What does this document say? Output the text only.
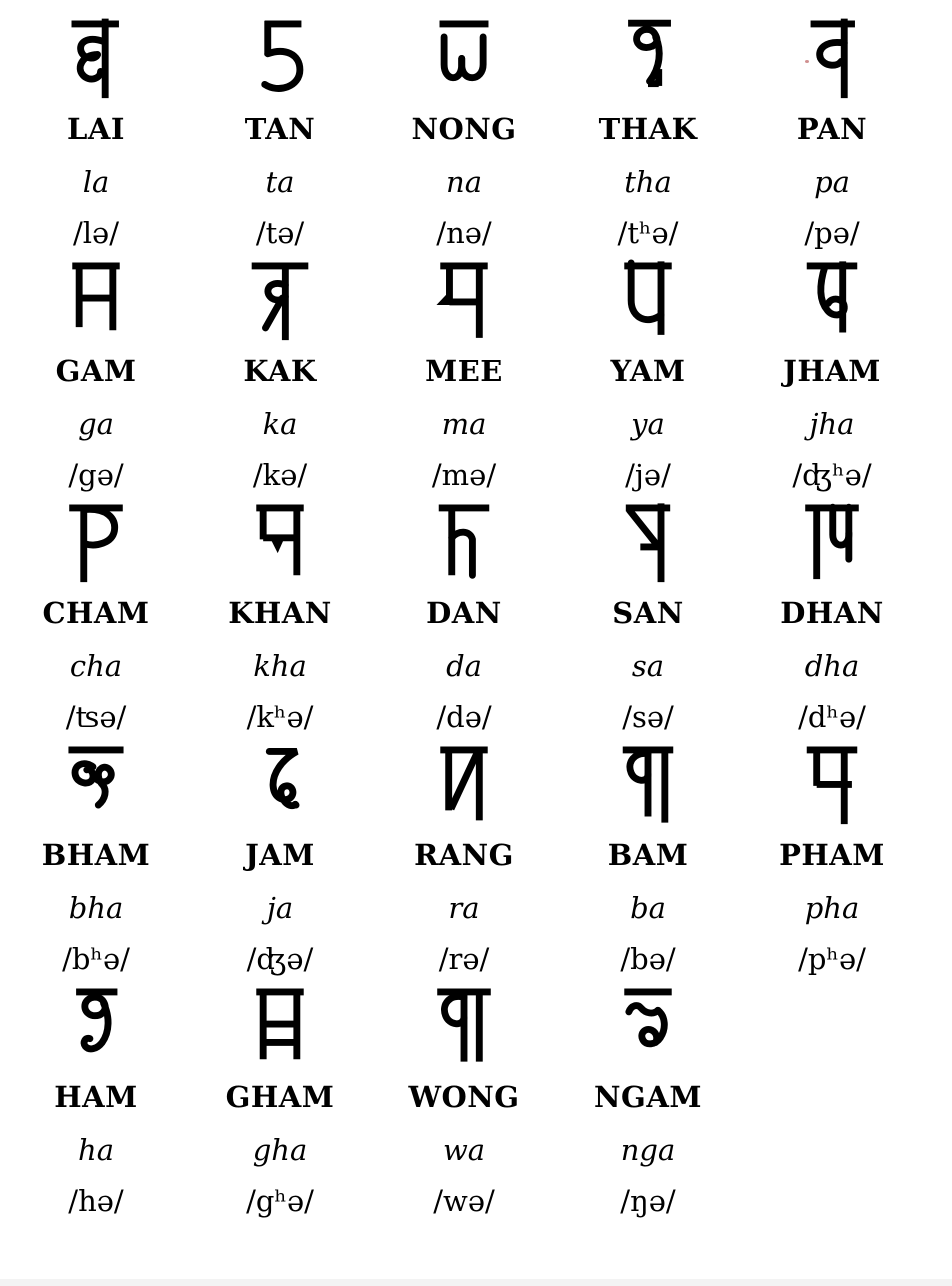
LAI
la
/lə/
TAN
ta
/tə/
NONG
na
/nə/
THAK
tha
/tʰə/
PAN
pa
/pə/
GAM
ga
/gə/
KAK
ka
/kə/
MEE
ma
/mə/
YAM
ya
/jə/
JHAM
jha
/ʤʰə/
CHAM
cha
/ʦə/
KHAN
kha
/kʰə/
DAN
da
/də/
SAN
sa
/sə/
DHAN
dha
/dʰə/
BHAM
bha
/bʰə/
JAM
ja
/ʤə/
RANG
ra
/rə/
BAM
ba
/bə/
PHAM
pha
/pʰə/
HAM
ha
/hə/
GHAM
gha
/gʰə/
WONG
wa
/wə/
NGAM
nga
/ŋə/
